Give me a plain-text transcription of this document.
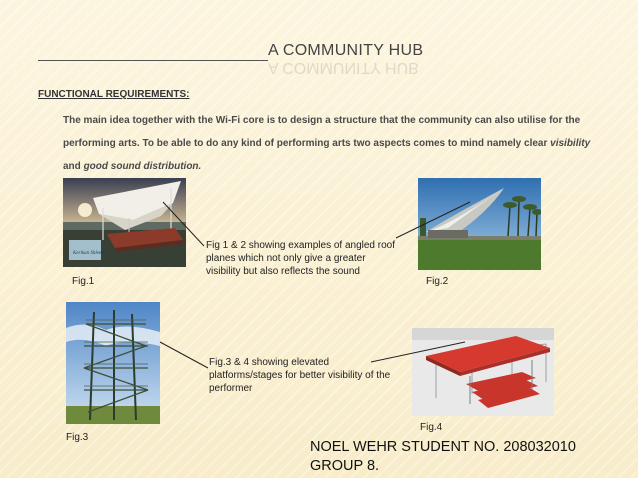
A COMMUNITY HUB
A COMMUNITY HUB
FUNCTIONAL REQUIREMENTS:
The main idea together with the Wi-Fi core is to design a structure that the community can also utilise for the performing arts. To be able to do any kind of performing arts two aspects comes to mind namely clear visibility
and good sound distribution.
Kerikan Shlemen
Fig.1	Fig.2
Fig 1 & 2 showing examples of angled roof planes which not only give a greater visibility but also reflects the sound
Fig.3
Fig.4
Fig.3 & 4 showing elevated platforms/stages for better visibility of the performer
NOEL WEHR STUDENT NO. 208032010
GROUP 8.
